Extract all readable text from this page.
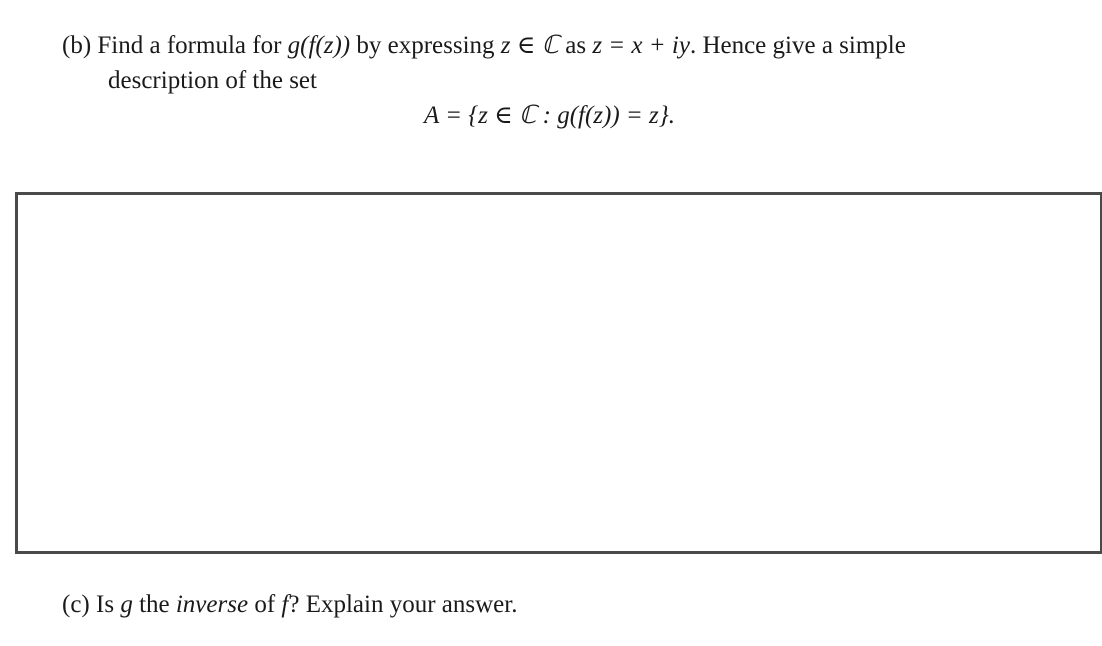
(b) Find a formula for g(f(z)) by expressing z ∈ ℂ as z = x + iy. Hence give a simple
description of the set
A = {z ∈ ℂ : g(f(z)) = z}.
(c) Is g the inverse of f? Explain your answer.
